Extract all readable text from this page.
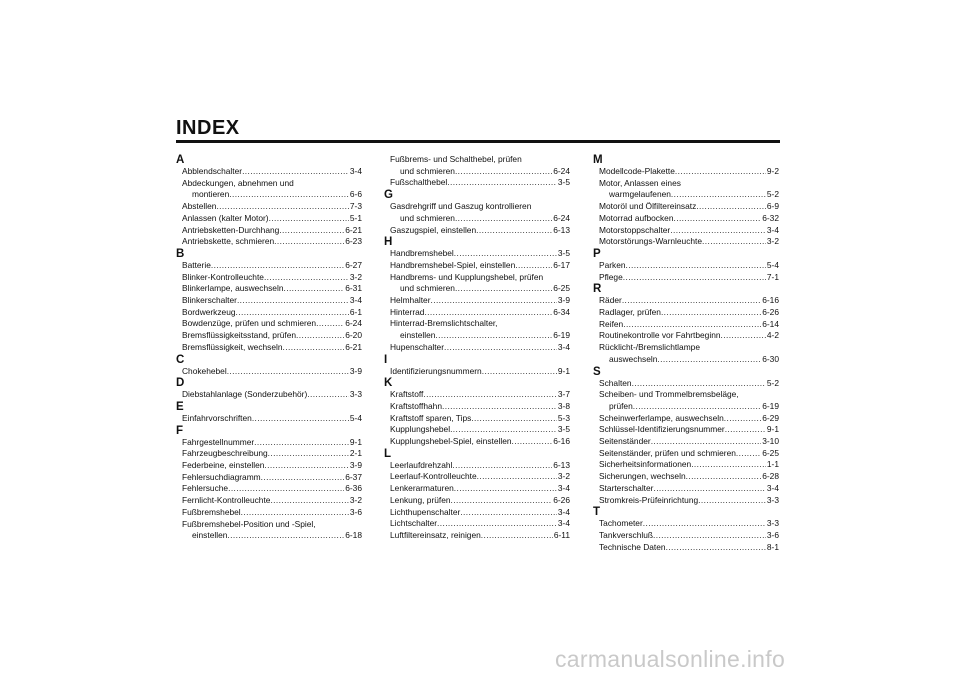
INDEX
A
Abblendschalter .....	3-4
Abdeckungen, abnehmen und
montieren .....	6-6
Abstellen .....	7-3
Anlassen (kalter Motor) .....	5-1
Antriebsketten-Durchhang .....	6-21
Antriebskette, schmieren .....	6-23
B
Batterie .....	6-27
Blinker-Kontrolleuchte .....	3-2
Blinkerlampe, auswechseln .....	6-31
Blinkerschalter .....	3-4
Bordwerkzeug .....	6-1
Bowdenzüge, prüfen und schmieren .....	6-24
Bremsflüssigkeitsstand, prüfen .....	6-20
Bremsflüssigkeit, wechseln .....	6-21
C
Chokehebel .....	3-9
D
Diebstahlanlage (Sonderzubehör) .....	3-3
E
Einfahrvorschriften .....	5-4
F
Fahrgestellnummer .....	9-1
Fahrzeugbeschreibung .....	2-1
Federbeine, einstellen .....	3-9
Fehlersuchdiagramm .....	6-37
Fehlersuche .....	6-36
Fernlicht-Kontrolleuchte .....	3-2
Fußbremshebel .....	3-6
Fußbremshebel-Position und -Spiel,
einstellen .....	6-18
Fußbrems- und Schalthebel, prüfen
und schmieren .....	6-24
Fußschalthebel .....	3-5
G
Gasdrehgriff und Gaszug kontrollieren
und schmieren .....	6-24
Gaszugspiel, einstellen .....	6-13
H
Handbremshebel .....	3-5
Handbremshebel-Spiel, einstellen .....	6-17
Handbrems- und Kupplungshebel, prüfen
und schmieren .....	6-25
Helmhalter .....	3-9
Hinterrad .....	6-34
Hinterrad-Bremslichtschalter,
einstellen .....	6-19
Hupenschalter .....	3-4
I
Identifizierungsnummern .....	9-1
K
Kraftstoff .....	3-7
Kraftstoffhahn .....	3-8
Kraftstoff sparen, Tips .....	5-3
Kupplungshebel .....	3-5
Kupplungshebel-Spiel, einstellen .....	6-16
L
Leerlaufdrehzahl .....	6-13
Leerlauf-Kontrolleuchte .....	3-2
Lenkerarmaturen .....	3-4
Lenkung, prüfen .....	6-26
Lichthupenschalter .....	3-4
Lichtschalter .....	3-4
Luftfiltereinsatz, reinigen .....	6-11
M
Modellcode-Plakette .....	9-2
Motor, Anlassen eines
warmgelaufenen .....	5-2
Motoröl und Ölfiltereinsatz .....	6-9
Motorrad aufbocken .....	6-32
Motorstoppschalter .....	3-4
Motorstörungs-Warnleuchte .....	3-2
P
Parken .....	5-4
Pflege .....	7-1
R
Räder .....	6-16
Radlager, prüfen .....	6-26
Reifen .....	6-14
Routinekontrolle vor Fahrtbeginn .....	4-2
Rücklicht-/Bremslichtlampe
auswechseln .....	6-30
S
Schalten .....	5-2
Scheiben- und Trommelbremsbeläge,
prüfen .....	6-19
Scheinwerferlampe, auswechseln .....	6-29
Schlüssel-Identifizierungsnummer .....	9-1
Seitenständer .....	3-10
Seitenständer, prüfen und schmieren .....	6-25
Sicherheitsinformationen .....	1-1
Sicherungen, wechseln .....	6-28
Starterschalter .....	3-4
Stromkreis-Prüfeinrichtung .....	3-3
T
Tachometer .....	3-3
Tankverschluß .....	3-6
Technische Daten .....	8-1
carmanualsonline.info
